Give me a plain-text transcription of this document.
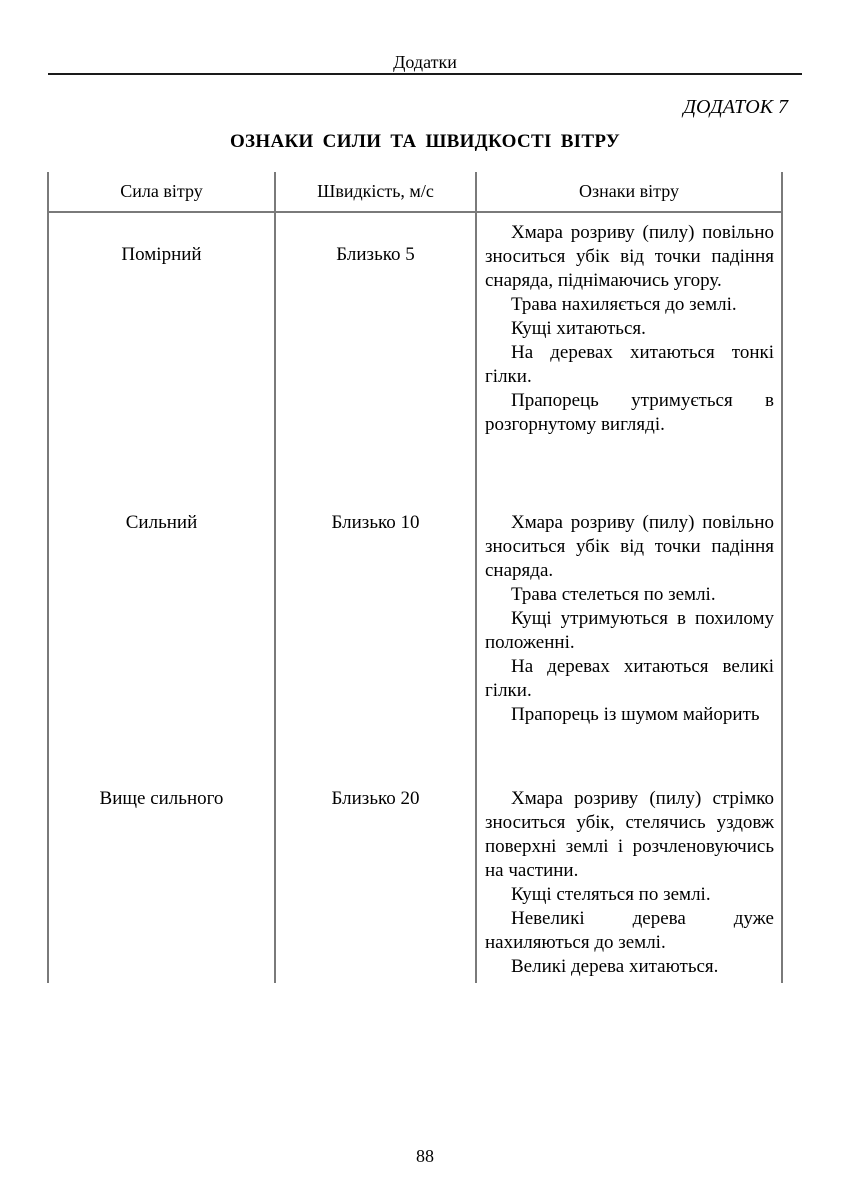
Додатки
ДОДАТОК 7
ОЗНАКИ СИЛИ ТА ШВИДКОСТІ ВІТРУ
Сила вітру	Швидкість, м/с	Ознаки вітру
Помірний	Близько 5	Хмара розриву (пилу) повільно зноситься убік від точки падіння снаряда, піднімаючись угору.

Трава нахиляється до землі.

Кущі хитаються.

На деревах хитаються тонкі гілки.

Прапорець утримується в розгорнутому вигляді.

Сильний	Близько 10	Хмара розриву (пилу) повільно зноситься убік від точки падіння снаряда.

Трава стелеться по землі.

Кущі утримуються в похилому положенні.

На деревах хитаються великі гілки.

Прапорець із шумом майорить

Вище сильного	Близько 20	Хмара розриву (пилу) стрімко зноситься убік, стелячись уздовж поверхні землі і розчленовуючись на частини.

Кущі стеляться по землі.

Невеликі дерева дуже нахиляються до землі.

Великі дерева хитаються.

88
